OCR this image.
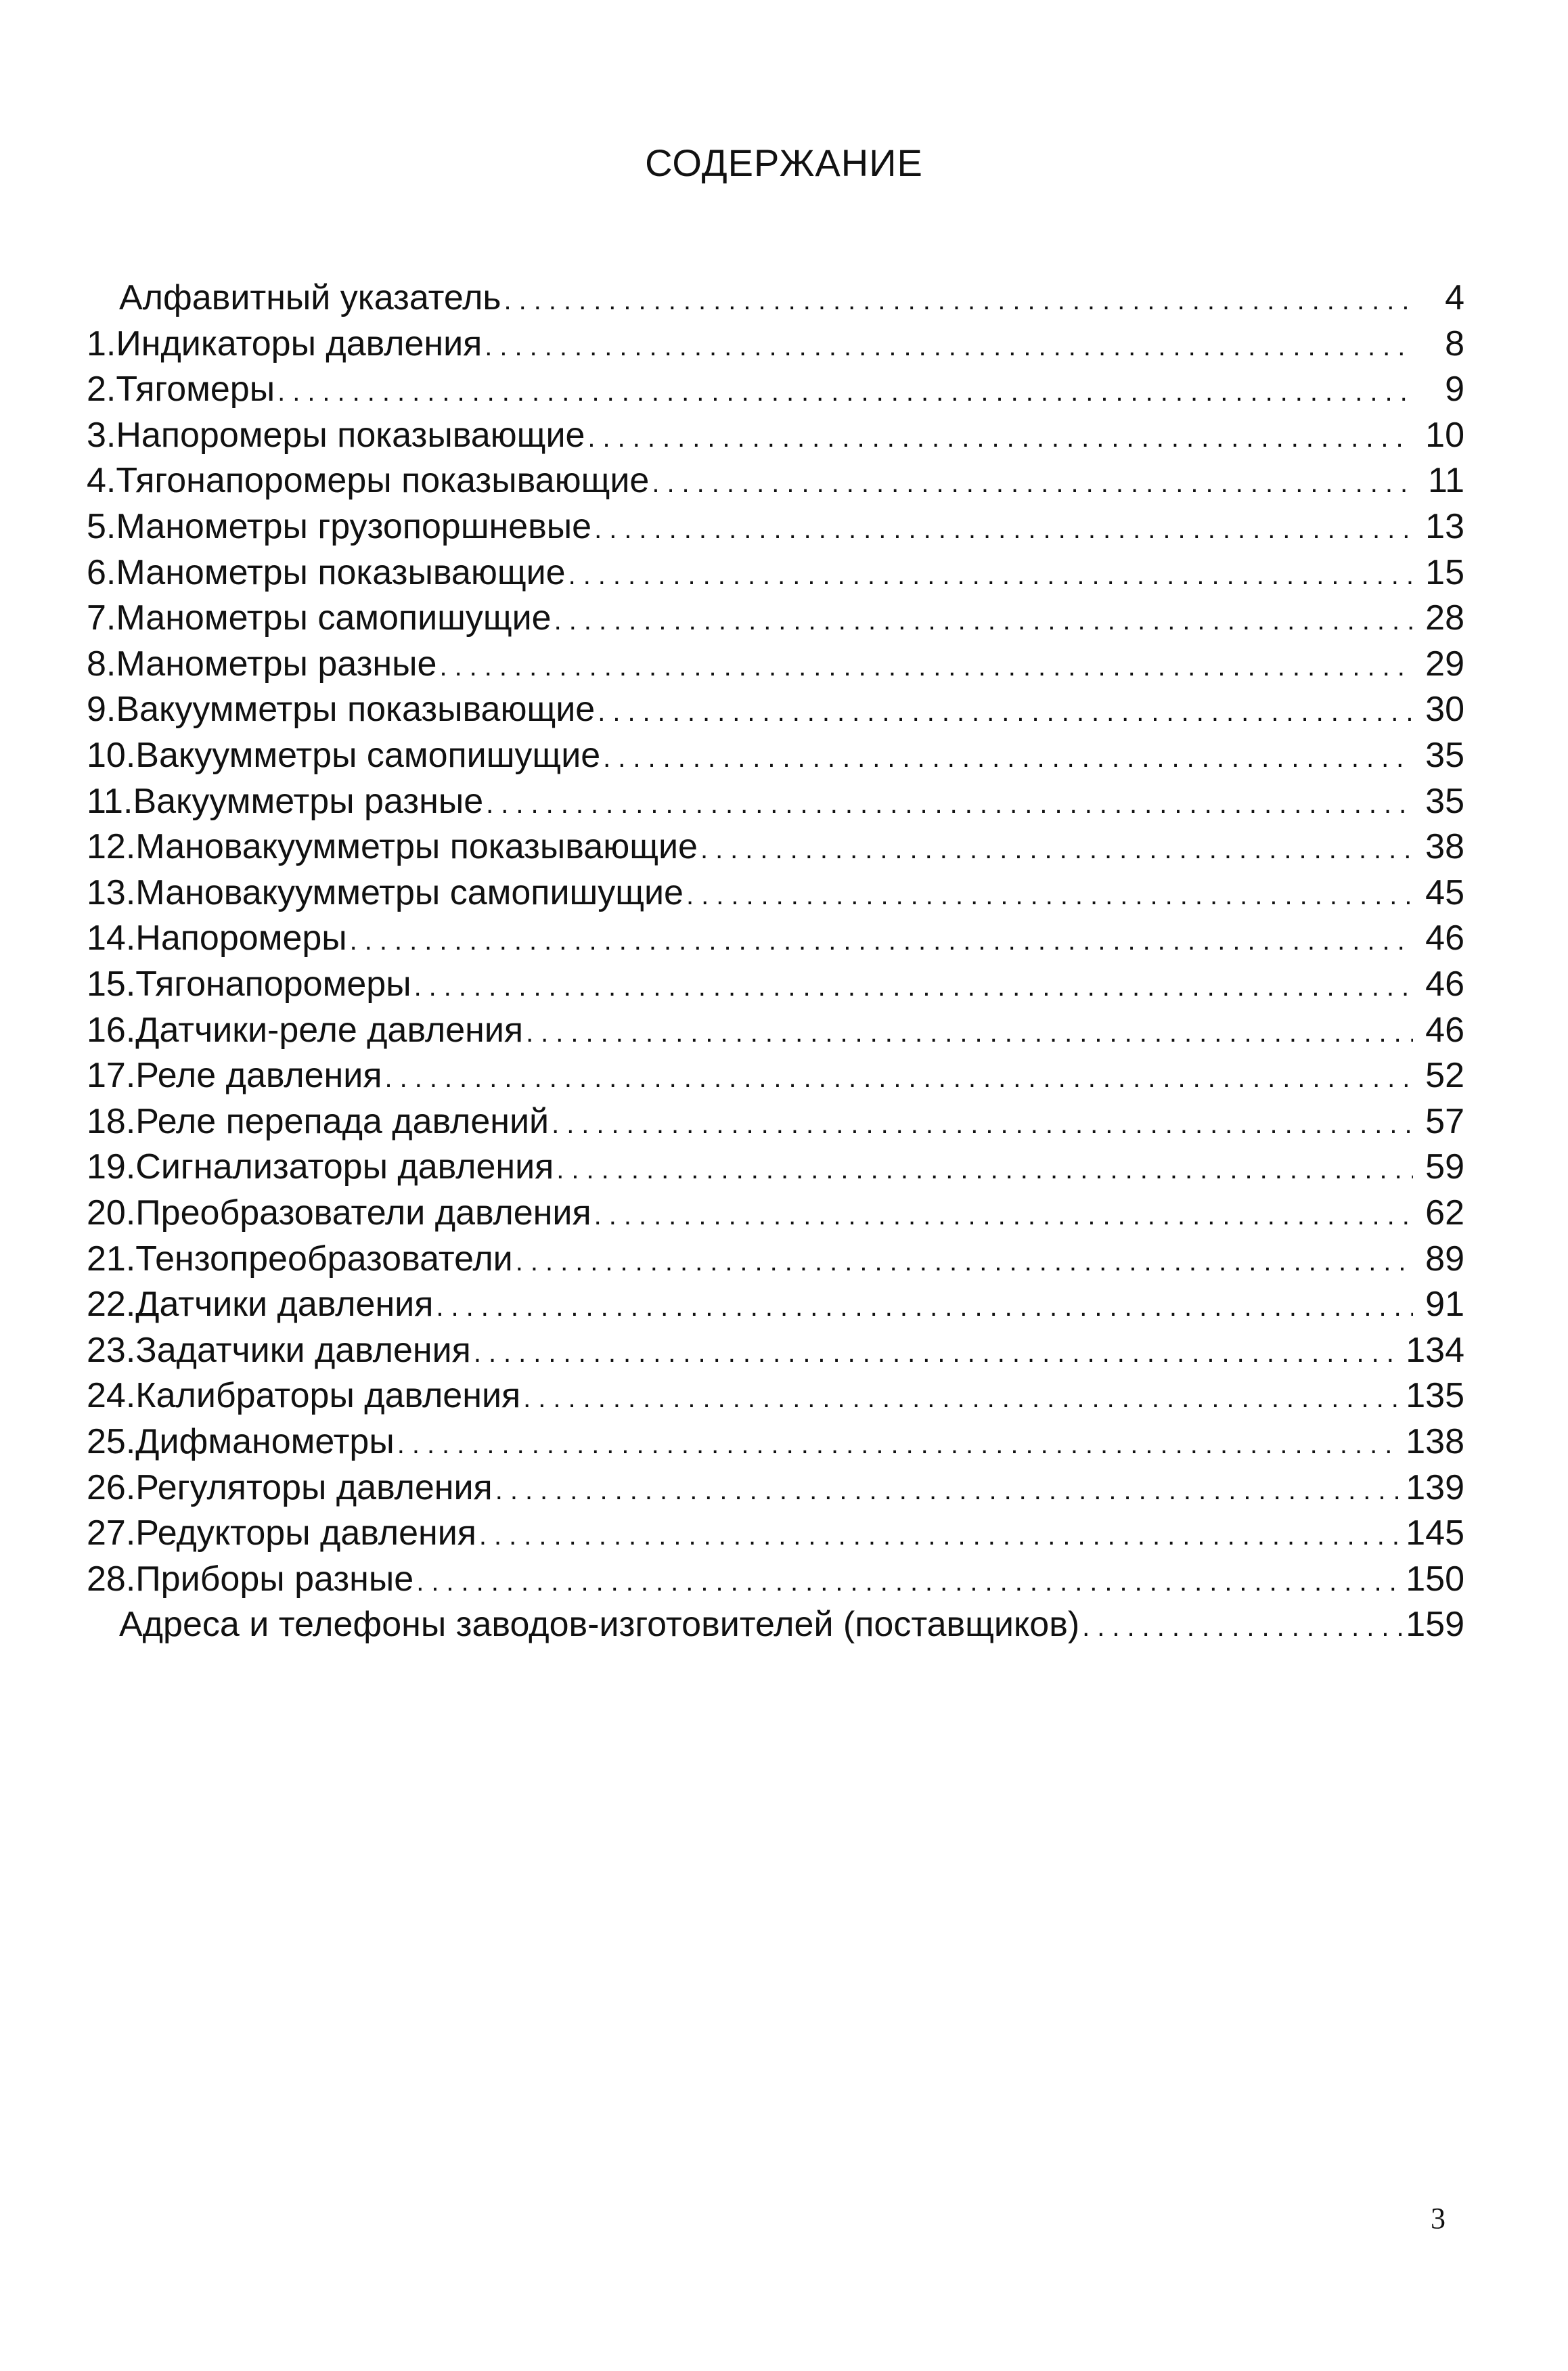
СОДЕРЖАНИЕ
Алфавитный указатель .....	4
1. Индикаторы давления .....	8
2. Тягомеры .....	9
3. Напоромеры показывающие .....	10
4. Тягонапоромеры показывающие .....	11
5. Манометры грузопоршневые .....	13
6. Манометры показывающие .....	15
7. Манометры самопишущие .....	28
8. Манометры разные .....	29
9. Вакуумметры показывающие .....	30
10. Вакуумметры самопишущие .....	35
11. Вакуумметры разные .....	35
12. Мановакуумметры показывающие .....	38
13. Мановакуумметры самопишущие .....	45
14. Напоромеры .....	46
15. Тягонапоромеры .....	46
16. Датчики-реле давления .....	46
17. Реле давления .....	52
18. Реле перепада давлений .....	57
19. Сигнализаторы давления .....	59
20. Преобразователи давления .....	62
21. Тензопреобразователи .....	89
22. Датчики давления .....	91
23. Задатчики давления .....	134
24. Калибраторы давления .....	135
25. Дифманометры .....	138
26. Регуляторы давления .....	139
27. Редукторы давления .....	145
28. Приборы разные .....	150
Адреса и телефоны заводов-изготовителей (поставщиков) .....	159

3
